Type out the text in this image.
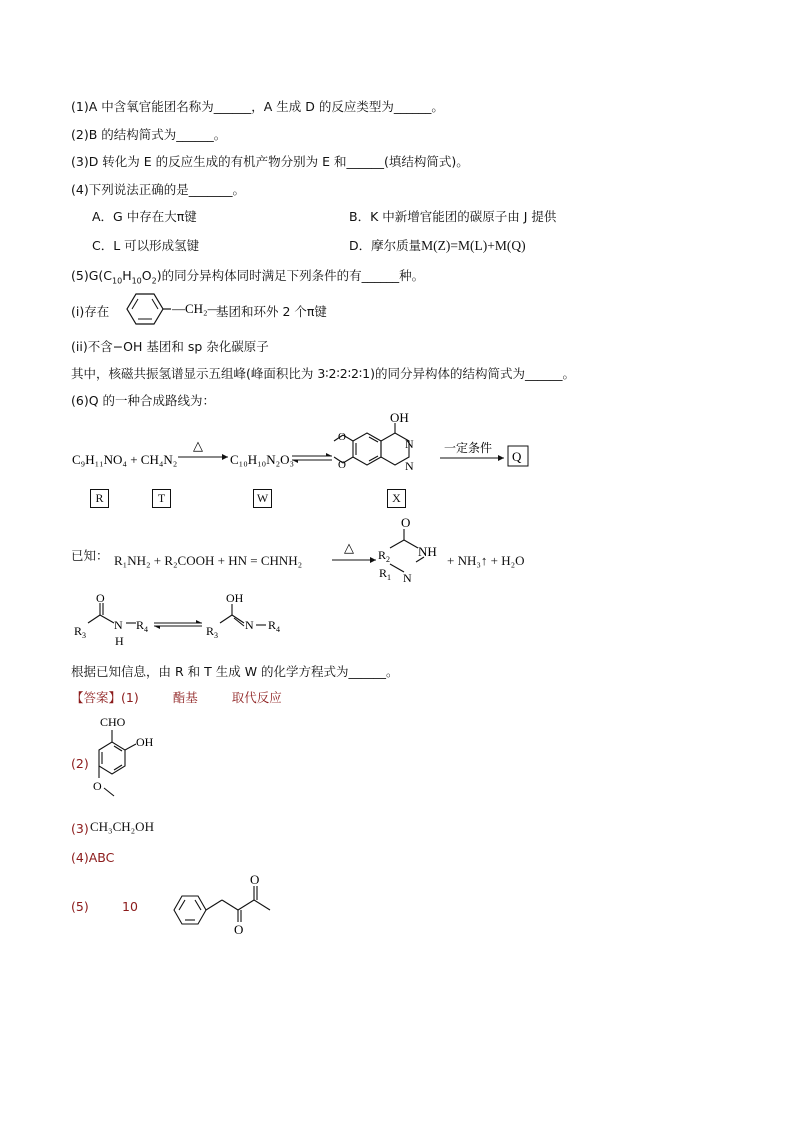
(1)A 中含氧官能团名称为______，A 生成 D 的反应类型为______。
(2)B 的结构简式为______。
(3)D 转化为 E 的反应生成的有机产物分别为 E 和______(填结构简式)。
(4)下列说法正确的是_______。
A．G 中存在大π键	B．K 中新增官能团的碳原子由 J 提供
C．L 可以形成氢键	D．摩尔质量M(Z)=M(L)+M(Q)
$(5)G(C_{10}H_{10}O_2)$的同分异构体同时满足下列条件的有______种。
(i)存在	—CH₂—
基团和环外 2 个π键
(ii)不含−OH 基团和 sp 杂化碳原子
其中，核磁共振氢谱显示五组峰(峰面积比为 3∶2∶2∶2∶1)的同分异构体的结构简式为______。
(6)Q 的一种合成路线为：
C₉H₁₁NO₄ + CH₄N₂
△
C₁₀H₁₀N₂O₃
OH
N
N
O
O
一定条件
Q
R	T	W	X
已知： R₁NH₂ + R₂COOH + HN = CHNH₂
△
O
NH
R 2
R 1 N
+ NH₃↑ + H₂O
O
R 3
N
H
R 4
OH
R 3
N R 4
根据已知信息，由 R 和 T 生成 W 的化学方程式为______。
【答案】(1)	酯基	取代反应
(2)
CHO
OH
O
(3) CH₃CH₂OH
(4)ABC
(5)	10
O
O
